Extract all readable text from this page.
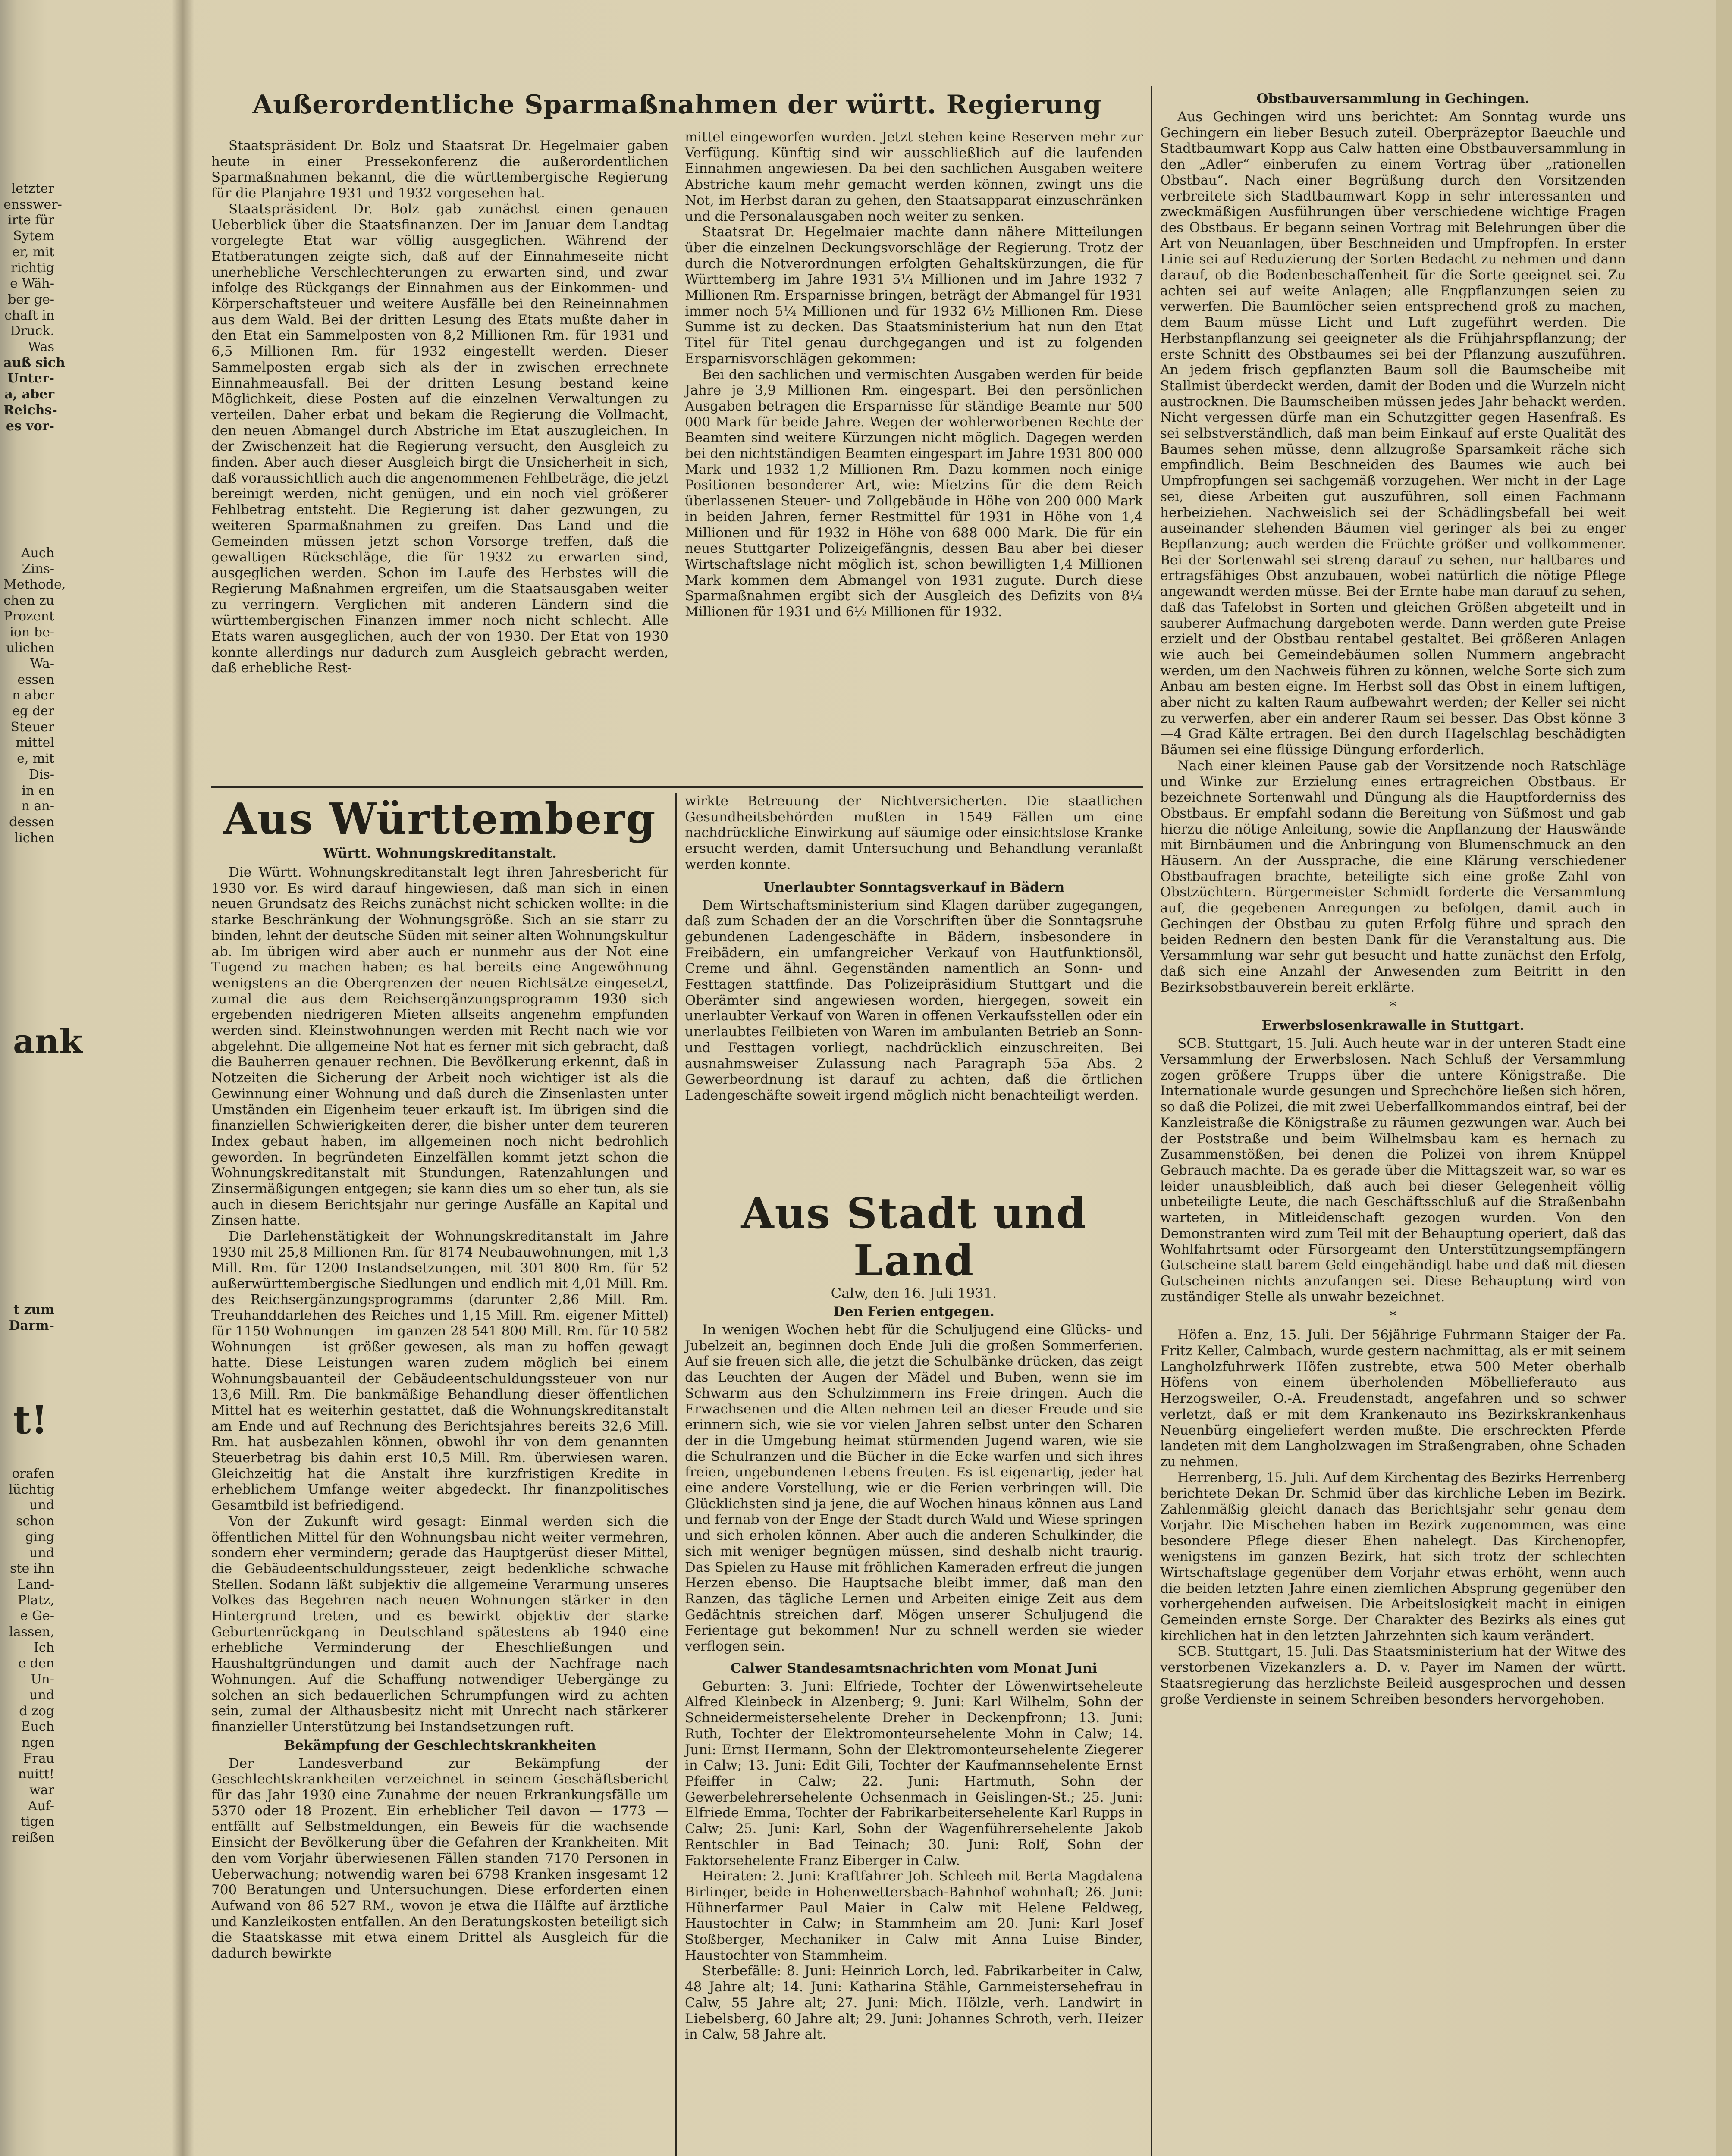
letzter
ensswer-
irte für
Sytem
er, mit
richtig
e Wäh-
ber ge-
chaft in
Druck.
Was
auß sich
Unter-
a, aber
Reichs-
es vor-
Auch
Zins-
Methode,
chen zu
Prozent
ion be-
ulichen
Wa-
essen
n aber
eg der
Steuer
mittel
e, mit
Dis-
in en
n an-
dessen
lichen
ank
t zum
Darm-
t!
orafen
lüchtig
und
schon
ging
und
ste ihn
Land-
Platz,
e Ge-
lassen,
Ich
e den
Un-
und
d zog
Euch
ngen
Frau
nuitt!
war
Auf-
tigen
reißen
Außerordentliche Sparmaßnahmen der württ. Regierung

Staatspräsident Dr. Bolz und Staatsrat Dr. Hegelmaier gaben heute in einer Pressekonferenz die außerordentlichen Sparmaßnahmen bekannt, die die württembergische Regierung für die Planjahre 1931 und 1932 vorgesehen hat.

Staatspräsident Dr. Bolz gab zunächst einen genauen Ueberblick über die Staatsfinanzen. Der im Januar dem Landtag vorgelegte Etat war völlig ausgeglichen. Während der Etatberatungen zeigte sich, daß auf der Einnahmeseite nicht unerhebliche Verschlechterungen zu erwarten sind, und zwar infolge des Rückgangs der Einnahmen aus der Einkommen- und Körperschaftsteuer und weitere Ausfälle bei den Reineinnahmen aus dem Wald. Bei der dritten Lesung des Etats mußte daher in den Etat ein Sammelposten von 8,2 Millionen Rm. für 1931 und 6,5 Millionen Rm. für 1932 eingestellt werden. Dieser Sammelposten ergab sich als der in zwischen errechnete Einnahmeausfall. Bei der dritten Lesung bestand keine Möglichkeit, diese Posten auf die einzelnen Verwaltungen zu verteilen. Daher erbat und bekam die Regierung die Vollmacht, den neuen Abmangel durch Abstriche im Etat auszugleichen. In der Zwischenzeit hat die Regierung versucht, den Ausgleich zu finden. Aber auch dieser Ausgleich birgt die Unsicherheit in sich, daß voraussichtlich auch die angenommenen Fehlbeträge, die jetzt bereinigt werden, nicht genügen, und ein noch viel größerer Fehlbetrag entsteht. Die Regierung ist daher gezwungen, zu weiteren Sparmaßnahmen zu greifen. Das Land und die Gemeinden müssen jetzt schon Vorsorge treffen, daß die gewaltigen Rückschläge, die für 1932 zu erwarten sind, ausgeglichen werden. Schon im Laufe des Herbstes will die Regierung Maßnahmen ergreifen, um die Staatsausgaben weiter zu verringern. Verglichen mit anderen Ländern sind die württembergischen Finanzen immer noch nicht schlecht. Alle Etats waren ausgeglichen, auch der von 1930. Der Etat von 1930 konnte allerdings nur dadurch zum Ausgleich gebracht werden, daß erhebliche Rest-

mittel eingeworfen wurden. Jetzt stehen keine Reserven mehr zur Verfügung. Künftig sind wir ausschließlich auf die laufenden Einnahmen angewiesen. Da bei den sachlichen Ausgaben weitere Abstriche kaum mehr gemacht werden können, zwingt uns die Not, im Herbst daran zu gehen, den Staatsapparat einzuschränken und die Personalausgaben noch weiter zu senken.

Staatsrat Dr. Hegelmaier machte dann nähere Mitteilungen über die einzelnen Deckungsvorschläge der Regierung. Trotz der durch die Notverordnungen erfolgten Gehaltskürzungen, die für Württemberg im Jahre 1931 5¼ Millionen und im Jahre 1932 7 Millionen Rm. Ersparnisse bringen, beträgt der Abmangel für 1931 immer noch 5¼ Millionen und für 1932 6½ Millionen Rm. Diese Summe ist zu decken. Das Staatsministerium hat nun den Etat Titel für Titel genau durchgegangen und ist zu folgenden Ersparnisvorschlägen gekommen:

Bei den sachlichen und vermischten Ausgaben werden für beide Jahre je 3,9 Millionen Rm. eingespart. Bei den persönlichen Ausgaben betragen die Ersparnisse für ständige Beamte nur 500 000 Mark für beide Jahre. Wegen der wohlerworbenen Rechte der Beamten sind weitere Kürzungen nicht möglich. Dagegen werden bei den nichtständigen Beamten eingespart im Jahre 1931 800 000 Mark und 1932 1,2 Millionen Rm. Dazu kommen noch einige Positionen besonderer Art, wie: Mietzins für die dem Reich überlassenen Steuer- und Zollgebäude in Höhe von 200 000 Mark in beiden Jahren, ferner Restmittel für 1931 in Höhe von 1,4 Millionen und für 1932 in Höhe von 688 000 Mark. Die für ein neues Stuttgarter Polizeigefängnis, dessen Bau aber bei dieser Wirtschaftslage nicht möglich ist, schon bewilligten 1,4 Millionen Mark kommen dem Abmangel von 1931 zugute. Durch diese Sparmaßnahmen ergibt sich der Ausgleich des Defizits von 8¼ Millionen für 1931 und 6½ Millionen für 1932.

Aus Württemberg
Württ. Wohnungskreditanstalt.

Die Württ. Wohnungskreditanstalt legt ihren Jahresbericht für 1930 vor. Es wird darauf hingewiesen, daß man sich in einen neuen Grundsatz des Reichs zunächst nicht schicken wollte: in die starke Beschränkung der Wohnungsgröße. Sich an sie starr zu binden, lehnt der deutsche Süden mit seiner alten Wohnungskultur ab. Im übrigen wird aber auch er nunmehr aus der Not eine Tugend zu machen haben; es hat bereits eine Angewöhnung wenigstens an die Obergrenzen der neuen Richtsätze eingesetzt, zumal die aus dem Reichsergänzungsprogramm 1930 sich ergebenden niedrigeren Mieten allseits angenehm empfunden werden sind. Kleinstwohnungen werden mit Recht nach wie vor abgelehnt. Die allgemeine Not hat es ferner mit sich gebracht, daß die Bauherren genauer rechnen. Die Bevölkerung erkennt, daß in Notzeiten die Sicherung der Arbeit noch wichtiger ist als die Gewinnung einer Wohnung und daß durch die Zinsenlasten unter Umständen ein Eigenheim teuer erkauft ist. Im übrigen sind die finanziellen Schwierigkeiten derer, die bisher unter dem teureren Index gebaut haben, im allgemeinen noch nicht bedrohlich geworden. In begründeten Einzelfällen kommt jetzt schon die Wohnungskreditanstalt mit Stundungen, Ratenzahlungen und Zinsermäßigungen entgegen; sie kann dies um so eher tun, als sie auch in diesem Berichtsjahr nur geringe Ausfälle an Kapital und Zinsen hatte.

Die Darlehenstätigkeit der Wohnungskreditanstalt im Jahre 1930 mit 25,8 Millionen Rm. für 8174 Neubauwohnungen, mit 1,3 Mill. Rm. für 1200 Instandsetzungen, mit 301 800 Rm. für 52 außerwürttembergische Siedlungen und endlich mit 4,01 Mill. Rm. des Reichsergänzungsprogramms (darunter 2,86 Mill. Rm. Treuhanddarlehen des Reiches und 1,15 Mill. Rm. eigener Mittel) für 1150 Wohnungen — im ganzen 28 541 800 Mill. Rm. für 10 582 Wohnungen — ist größer gewesen, als man zu hoffen gewagt hatte. Diese Leistungen waren zudem möglich bei einem Wohnungsbauanteil der Gebäudeentschuldungssteuer von nur 13,6 Mill. Rm. Die bankmäßige Behandlung dieser öffentlichen Mittel hat es weiterhin gestattet, daß die Wohnungskreditanstalt am Ende und auf Rechnung des Berichtsjahres bereits 32,6 Mill. Rm. hat ausbezahlen können, obwohl ihr von dem genannten Steuerbetrag bis dahin erst 10,5 Mill. Rm. überwiesen waren. Gleichzeitig hat die Anstalt ihre kurzfristigen Kredite in erheblichem Umfange weiter abgedeckt. Ihr finanzpolitisches Gesamtbild ist befriedigend.

Von der Zukunft wird gesagt: Einmal werden sich die öffentlichen Mittel für den Wohnungsbau nicht weiter vermehren, sondern eher vermindern; gerade das Hauptgerüst dieser Mittel, die Gebäudeentschuldungssteuer, zeigt bedenkliche schwache Stellen. Sodann läßt subjektiv die allgemeine Verarmung unseres Volkes das Begehren nach neuen Wohnungen stärker in den Hintergrund treten, und es bewirkt objektiv der starke Geburtenrückgang in Deutschland spätestens ab 1940 eine erhebliche Verminderung der Eheschließungen und Haushaltgründungen und damit auch der Nachfrage nach Wohnungen. Auf die Schaffung notwendiger Uebergänge zu solchen an sich bedauerlichen Schrumpfungen wird zu achten sein, zumal der Althausbesitz nicht mit Unrecht nach stärkerer finanzieller Unterstützung bei Instandsetzungen ruft.

Bekämpfung der Geschlechtskrankheiten

Der Landesverband zur Bekämpfung der Geschlechtskrankheiten verzeichnet in seinem Geschäftsbericht für das Jahr 1930 eine Zunahme der neuen Erkrankungsfälle um 5370 oder 18 Prozent. Ein erheblicher Teil davon — 1773 — entfällt auf Selbstmeldungen, ein Beweis für die wachsende Einsicht der Bevölkerung über die Gefahren der Krankheiten. Mit den vom Vorjahr überwiesenen Fällen standen 7170 Personen in Ueberwachung; notwendig waren bei 6798 Kranken insgesamt 12 700 Beratungen und Untersuchungen. Diese erforderten einen Aufwand von 86 527 RM., wovon je etwa die Hälfte auf ärztliche und Kanzleikosten entfallen. An den Beratungskosten beteiligt sich die Staatskasse mit etwa einem Drittel als Ausgleich für die dadurch bewirkte

wirkte Betreuung der Nichtversicherten. Die staatlichen Gesundheitsbehörden mußten in 1549 Fällen um eine nachdrückliche Einwirkung auf säumige oder einsichtslose Kranke ersucht werden, damit Untersuchung und Behandlung veranlaßt werden konnte.

Unerlaubter Sonntagsverkauf in Bädern

Dem Wirtschaftsministerium sind Klagen darüber zugegangen, daß zum Schaden der an die Vorschriften über die Sonntagsruhe gebundenen Ladengeschäfte in Bädern, insbesondere in Freibädern, ein umfangreicher Verkauf von Hautfunktionsöl, Creme und ähnl. Gegenständen namentlich an Sonn- und Festtagen stattfinde. Das Polizeipräsidium Stuttgart und die Oberämter sind angewiesen worden, hiergegen, soweit ein unerlaubter Verkauf von Waren in offenen Verkaufsstellen oder ein unerlaubtes Feilbieten von Waren im ambulanten Betrieb an Sonn- und Festtagen vorliegt, nachdrücklich einzuschreiten. Bei ausnahmsweiser Zulassung nach Paragraph 55a Abs. 2 Gewerbeordnung ist darauf zu achten, daß die örtlichen Ladengeschäfte soweit irgend möglich nicht benachteiligt werden.

Aus Stadt und Land
Calw, den 16. Juli 1931.
Den Ferien entgegen.

In wenigen Wochen hebt für die Schuljugend eine Glücks- und Jubelzeit an, beginnen doch Ende Juli die großen Sommerferien. Auf sie freuen sich alle, die jetzt die Schulbänke drücken, das zeigt das Leuchten der Augen der Mädel und Buben, wenn sie im Schwarm aus den Schulzimmern ins Freie dringen. Auch die Erwachsenen und die Alten nehmen teil an dieser Freude und sie erinnern sich, wie sie vor vielen Jahren selbst unter den Scharen der in die Umgebung heimat stürmenden Jugend waren, wie sie die Schulranzen und die Bücher in die Ecke warfen und sich ihres freien, ungebundenen Lebens freuten. Es ist eigenartig, jeder hat eine andere Vorstellung, wie er die Ferien verbringen will. Die Glücklichsten sind ja jene, die auf Wochen hinaus können aus Land und fernab von der Enge der Stadt durch Wald und Wiese springen und sich erholen können. Aber auch die anderen Schulkinder, die sich mit weniger begnügen müssen, sind deshalb nicht traurig. Das Spielen zu Hause mit fröhlichen Kameraden erfreut die jungen Herzen ebenso. Die Hauptsache bleibt immer, daß man den Ranzen, das tägliche Lernen und Arbeiten einige Zeit aus dem Gedächtnis streichen darf. Mögen unserer Schuljugend die Ferientage gut bekommen! Nur zu schnell werden sie wieder verflogen sein.

Calwer Standesamtsnachrichten vom Monat Juni

Geburten: 3. Juni: Elfriede, Tochter der Löwenwirtseheleute Alfred Kleinbeck in Alzenberg; 9. Juni: Karl Wilhelm, Sohn der Schneidermeistersehelente Dreher in Deckenpfronn; 13. Juni: Ruth, Tochter der Elektromonteursehelente Mohn in Calw; 14. Juni: Ernst Hermann, Sohn der Elektromonteursehelente Ziegerer in Calw; 13. Juni: Edit Gili, Tochter der Kaufmannsehelente Ernst Pfeiffer in Calw; 22. Juni: Hartmuth, Sohn der Gewerbelehrersehelente Ochsenmach in Geislingen-St.; 25. Juni: Elfriede Emma, Tochter der Fabrikarbeitersehelente Karl Rupps in Calw; 25. Juni: Karl, Sohn der Wagenführersehelente Jakob Rentschler in Bad Teinach; 30. Juni: Rolf, Sohn der Faktorsehelente Franz Eiberger in Calw.

Heiraten: 2. Juni: Kraftfahrer Joh. Schleeh mit Berta Magdalena Birlinger, beide in Hohenwettersbach-Bahnhof wohnhaft; 26. Juni: Hühnerfarmer Paul Maier in Calw mit Helene Feldweg, Haustochter in Calw; in Stammheim am 20. Juni: Karl Josef Stoßberger, Mechaniker in Calw mit Anna Luise Binder, Haustochter von Stammheim.

Sterbefälle: 8. Juni: Heinrich Lorch, led. Fabrikarbeiter in Calw, 48 Jahre alt; 14. Juni: Katharina Stähle, Garnmeistersehefrau in Calw, 55 Jahre alt; 27. Juni: Mich. Hölzle, verh. Landwirt in Liebelsberg, 60 Jahre alt; 29. Juni: Johannes Schroth, verh. Heizer in Calw, 58 Jahre alt.

Obstbauversammlung in Gechingen.

Aus Gechingen wird uns berichtet: Am Sonntag wurde uns Gechingern ein lieber Besuch zuteil. Oberpräzeptor Baeuchle und Stadtbaumwart Kopp aus Calw hatten eine Obstbauversammlung in den „Adler“ einberufen zu einem Vortrag über „rationellen Obstbau“. Nach einer Begrüßung durch den Vorsitzenden verbreitete sich Stadtbaumwart Kopp in sehr interessanten und zweckmäßigen Ausführungen über verschiedene wichtige Fragen des Obstbaus. Er begann seinen Vortrag mit Belehrungen über die Art von Neuanlagen, über Beschneiden und Umpfropfen. In erster Linie sei auf Reduzierung der Sorten Bedacht zu nehmen und dann darauf, ob die Bodenbeschaffenheit für die Sorte geeignet sei. Zu achten sei auf weite Anlagen; alle Engpflanzungen seien zu verwerfen. Die Baumlöcher seien entsprechend groß zu machen, dem Baum müsse Licht und Luft zugeführt werden. Die Herbstanpflanzung sei geeigneter als die Frühjahrspflanzung; der erste Schnitt des Obstbaumes sei bei der Pflanzung auszuführen. An jedem frisch gepflanzten Baum soll die Baumscheibe mit Stallmist überdeckt werden, damit der Boden und die Wurzeln nicht austrocknen. Die Baumscheiben müssen jedes Jahr behackt werden. Nicht vergessen dürfe man ein Schutzgitter gegen Hasenfraß. Es sei selbstverständlich, daß man beim Einkauf auf erste Qualität des Baumes sehen müsse, denn allzugroße Sparsamkeit räche sich empfindlich. Beim Beschneiden des Baumes wie auch bei Umpfropfungen sei sachgemäß vorzugehen. Wer nicht in der Lage sei, diese Arbeiten gut auszuführen, soll einen Fachmann herbeiziehen. Nachweislich sei der Schädlingsbefall bei weit auseinander stehenden Bäumen viel geringer als bei zu enger Bepflanzung; auch werden die Früchte größer und vollkommener. Bei der Sortenwahl sei streng darauf zu sehen, nur haltbares und ertragsfähiges Obst anzubauen, wobei natürlich die nötige Pflege angewandt werden müsse. Bei der Ernte habe man darauf zu sehen, daß das Tafelobst in Sorten und gleichen Größen abgeteilt und in sauberer Aufmachung dargeboten werde. Dann werden gute Preise erzielt und der Obstbau rentabel gestaltet. Bei größeren Anlagen wie auch bei Gemeindebäumen sollen Nummern angebracht werden, um den Nachweis führen zu können, welche Sorte sich zum Anbau am besten eigne. Im Herbst soll das Obst in einem luftigen, aber nicht zu kalten Raum aufbewahrt werden; der Keller sei nicht zu verwerfen, aber ein anderer Raum sei besser. Das Obst könne 3—4 Grad Kälte ertragen. Bei den durch Hagelschlag beschädigten Bäumen sei eine flüssige Düngung erforderlich.

Nach einer kleinen Pause gab der Vorsitzende noch Ratschläge und Winke zur Erzielung eines ertragreichen Obstbaus. Er bezeichnete Sortenwahl und Düngung als die Hauptforderniss des Obstbaus. Er empfahl sodann die Bereitung von Süßmost und gab hierzu die nötige Anleitung, sowie die Anpflanzung der Hauswände mit Birnbäumen und die Anbringung von Blumenschmuck an den Häusern. An der Aussprache, die eine Klärung verschiedener Obstbaufragen brachte, beteiligte sich eine große Zahl von Obstzüchtern. Bürgermeister Schmidt forderte die Versammlung auf, die gegebenen Anregungen zu befolgen, damit auch in Gechingen der Obstbau zu guten Erfolg führe und sprach den beiden Rednern den besten Dank für die Veranstaltung aus. Die Versammlung war sehr gut besucht und hatte zunächst den Erfolg, daß sich eine Anzahl der Anwesenden zum Beitritt in den Bezirksobstbauverein bereit erklärte.

*
Erwerbslosenkrawalle in Stuttgart.

SCB. Stuttgart, 15. Juli. Auch heute war in der unteren Stadt eine Versammlung der Erwerbslosen. Nach Schluß der Versammlung zogen größere Trupps über die untere Königstraße. Die Internationale wurde gesungen und Sprechchöre ließen sich hören, so daß die Polizei, die mit zwei Ueberfallkommandos eintraf, bei der Kanzleistraße die Königstraße zu räumen gezwungen war. Auch bei der Poststraße und beim Wilhelmsbau kam es hernach zu Zusammenstößen, bei denen die Polizei von ihrem Knüppel Gebrauch machte. Da es gerade über die Mittagszeit war, so war es leider unausbleiblich, daß auch bei dieser Gelegenheit völlig unbeteiligte Leute, die nach Geschäftsschluß auf die Straßenbahn warteten, in Mitleidenschaft gezogen wurden. Von den Demonstranten wird zum Teil mit der Behauptung operiert, daß das Wohlfahrtsamt oder Fürsorgeamt den Unterstützungsempfängern Gutscheine statt barem Geld eingehändigt habe und daß mit diesen Gutscheinen nichts anzufangen sei. Diese Behauptung wird von zuständiger Stelle als unwahr bezeichnet.

*

Höfen a. Enz, 15. Juli. Der 56jährige Fuhrmann Staiger der Fa. Fritz Keller, Calmbach, wurde gestern nachmittag, als er mit seinem Langholzfuhrwerk Höfen zustrebte, etwa 500 Meter oberhalb Höfens von einem überholenden Möbellieferauto aus Herzogsweiler, O.-A. Freudenstadt, angefahren und so schwer verletzt, daß er mit dem Krankenauto ins Bezirkskrankenhaus Neuenbürg eingeliefert werden mußte. Die erschreckten Pferde landeten mit dem Langholzwagen im Straßengraben, ohne Schaden zu nehmen.

Herrenberg, 15. Juli. Auf dem Kirchentag des Bezirks Herrenberg berichtete Dekan Dr. Schmid über das kirchliche Leben im Bezirk. Zahlenmäßig gleicht danach das Berichtsjahr sehr genau dem Vorjahr. Die Mischehen haben im Bezirk zugenommen, was eine besondere Pflege dieser Ehen nahelegt. Das Kirchenopfer, wenigstens im ganzen Bezirk, hat sich trotz der schlechten Wirtschaftslage gegenüber dem Vorjahr etwas erhöht, wenn auch die beiden letzten Jahre einen ziemlichen Absprung gegenüber den vorhergehenden aufweisen. Die Arbeitslosigkeit macht in einigen Gemeinden ernste Sorge. Der Charakter des Bezirks als eines gut kirchlichen hat in den letzten Jahrzehnten sich kaum verändert.

SCB. Stuttgart, 15. Juli. Das Staatsministerium hat der Witwe des verstorbenen Vizekanzlers a. D. v. Payer im Namen der württ. Staatsregierung das herzlichste Beileid ausgesprochen und dessen große Verdienste in seinem Schreiben besonders hervorgehoben.
